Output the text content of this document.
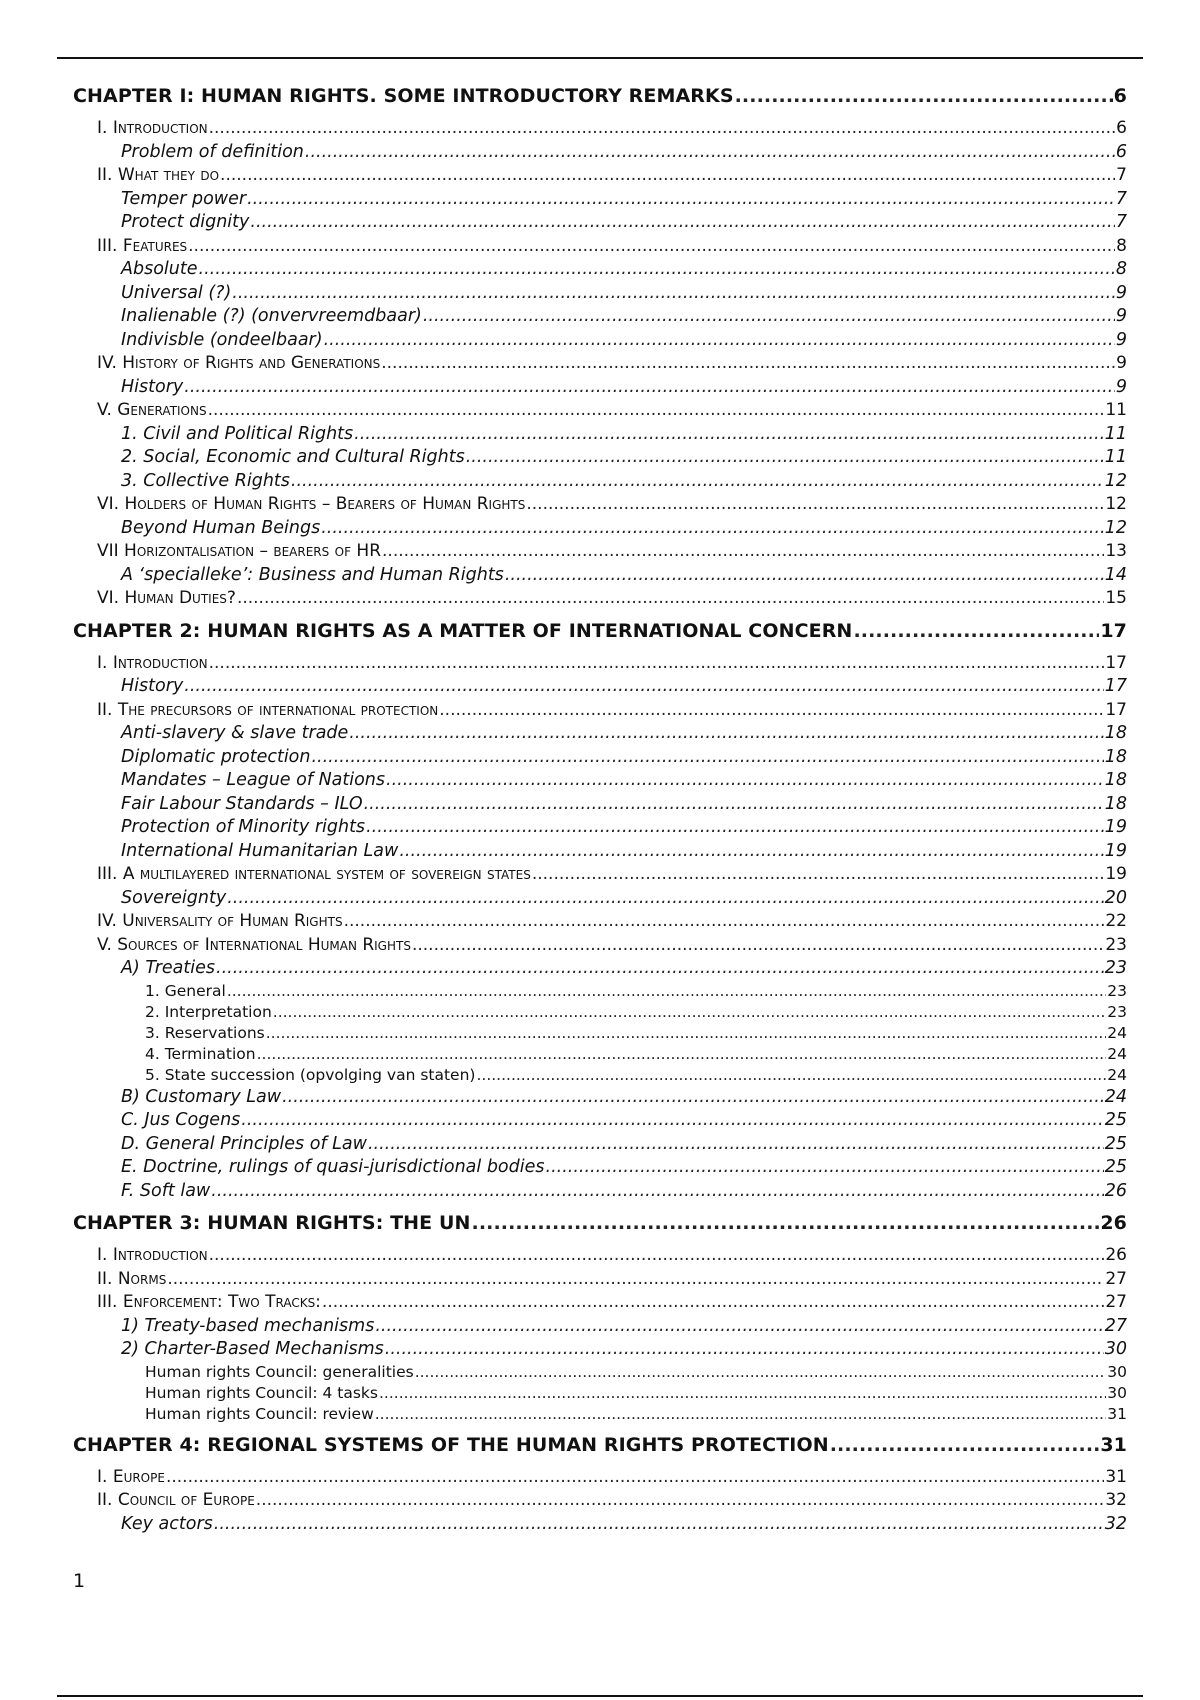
CHAPTER I: HUMAN RIGHTS. SOME INTRODUCTORY REMARKS .....	6
I. Introduction .....	6
Problem of definition .....	6
II. What they do .....	7
Temper power .....	7
Protect dignity .....	7
III. Features .....	8
Absolute .....	8
Universal (?) .....	9
Inalienable (?) (onvervreemdbaar) .....	9
Indivisble (ondeelbaar) .....	9
IV. History of Rights and Generations .....	9
History .....	9
V. Generations .....	11
1. Civil and Political Rights .....	11
2. Social, Economic and Cultural Rights .....	11
3. Collective Rights .....	12
VI. Holders of Human Rights – Bearers of Human Rights .....	12
Beyond Human Beings .....	12
VII Horizontalisation – bearers of HR .....	13
A ‘specialleke’: Business and Human Rights .....	14
VI. Human Duties? .....	15
CHAPTER 2: HUMAN RIGHTS AS A MATTER OF INTERNATIONAL CONCERN .....	17
I. Introduction .....	17
History .....	17
II. The precursors of international protection .....	17
Anti-slavery & slave trade .....	18
Diplomatic protection .....	18
Mandates – League of Nations .....	18
Fair Labour Standards – ILO .....	18
Protection of Minority rights .....	19
International Humanitarian Law .....	19
III. A multilayered international system of sovereign states .....	19
Sovereignty .....	20
IV. Universality of Human Rights .....	22
V. Sources of International Human Rights .....	23
A) Treaties .....	23
1. General .....	23
2. Interpretation .....	23
3. Reservations .....	24
4. Termination .....	24
5. State succession (opvolging van staten) .....	24
B) Customary Law .....	24
C. Jus Cogens .....	25
D. General Principles of Law .....	25
E. Doctrine, rulings of quasi-jurisdictional bodies .....	25
F. Soft law .....	26
CHAPTER 3: HUMAN RIGHTS: THE UN .....	26
I. Introduction .....	26
II. Norms .....	27
III. Enforcement: Two Tracks: .....	27
1) Treaty-based mechanisms .....	27
2) Charter-Based Mechanisms .....	30
Human rights Council: generalities .....	30
Human rights Council: 4 tasks .....	30
Human rights Council: review .....	31
CHAPTER 4: REGIONAL SYSTEMS OF THE HUMAN RIGHTS PROTECTION .....	31
I. Europe .....	31
II. Council of Europe .....	32
Key actors .....	32
1
